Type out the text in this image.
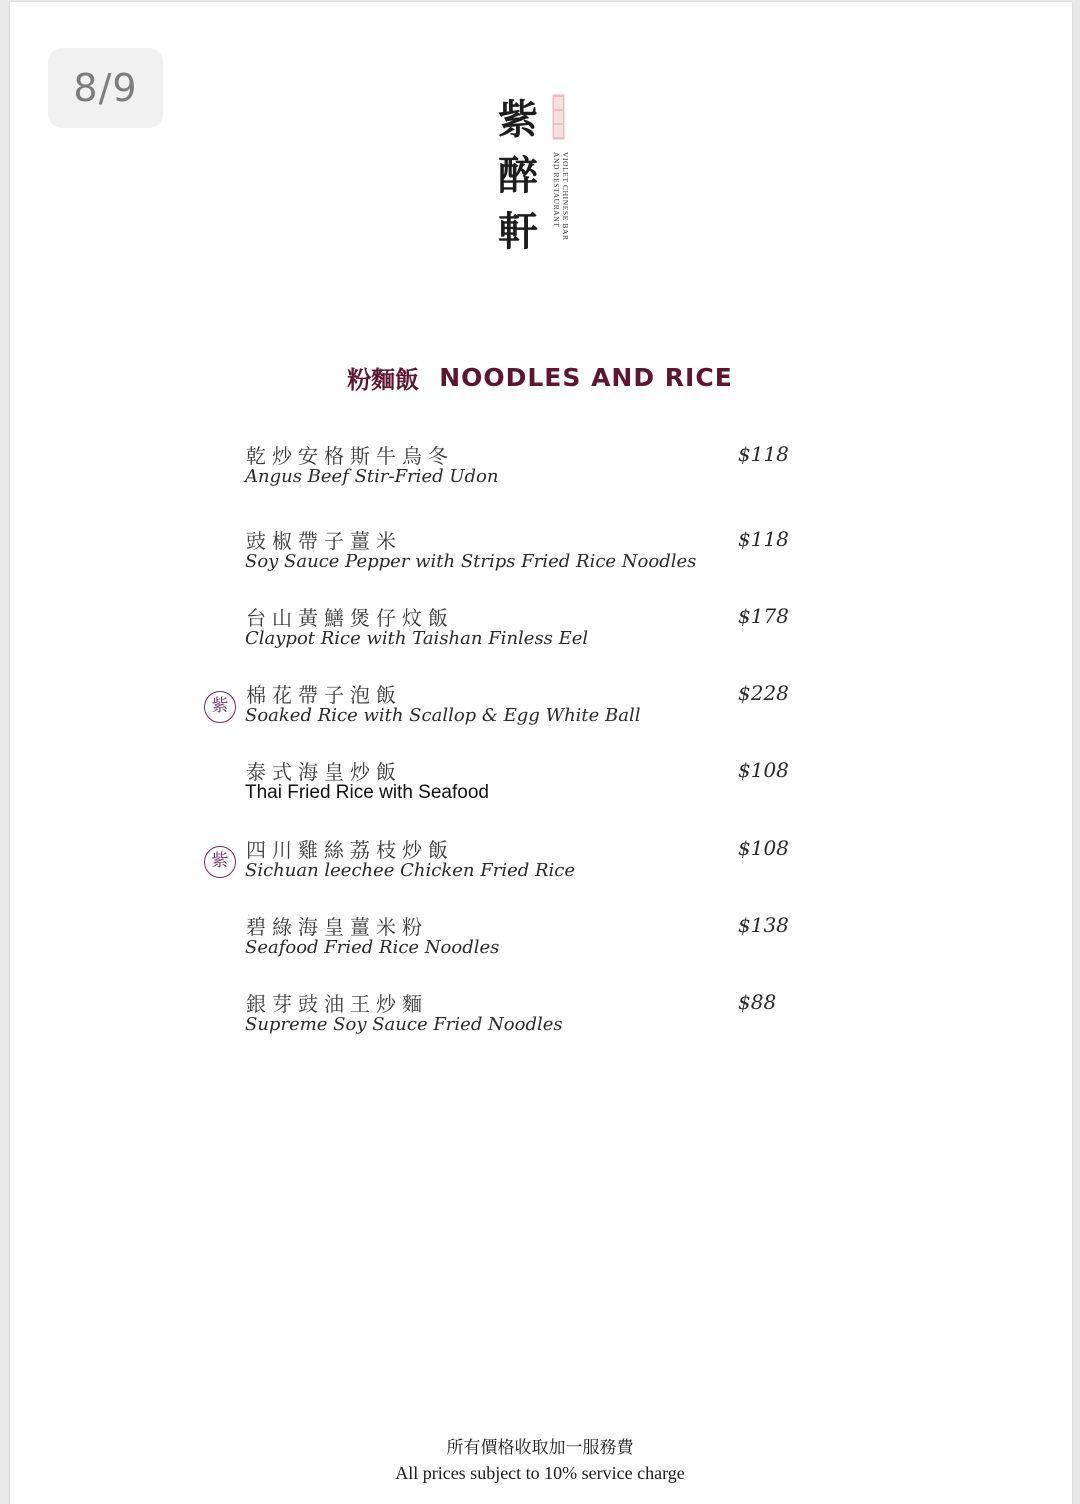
8/9
紫
醉
軒	VIOLET CHINESE BAR
AND RESTAURANT
粉麵飯 NOODLES AND RICE
乾炒安格斯牛烏冬
Angus Beef Stir-Fried Udon
$118
豉椒帶子薑米
Soy Sauce Pepper with Strips Fried Rice Noodles
$118
台山黃鱔煲仔炆飯
Claypot Rice with Taishan Finless Eel
$178
紫 棉花帶子泡飯
Soaked Rice with Scallop & Egg White Ball
$228
泰式海皇炒飯
Thai Fried Rice with Seafood
$108
紫 四川雞絲荔枝炒飯
Sichuan leechee Chicken Fried Rice
$108
碧綠海皇薑米粉
Seafood Fried Rice Noodles
$138
銀芽豉油王炒麵
Supreme Soy Sauce Fried Noodles
$88
所有價格收取加一服務費
All prices subject to 10% service charge
